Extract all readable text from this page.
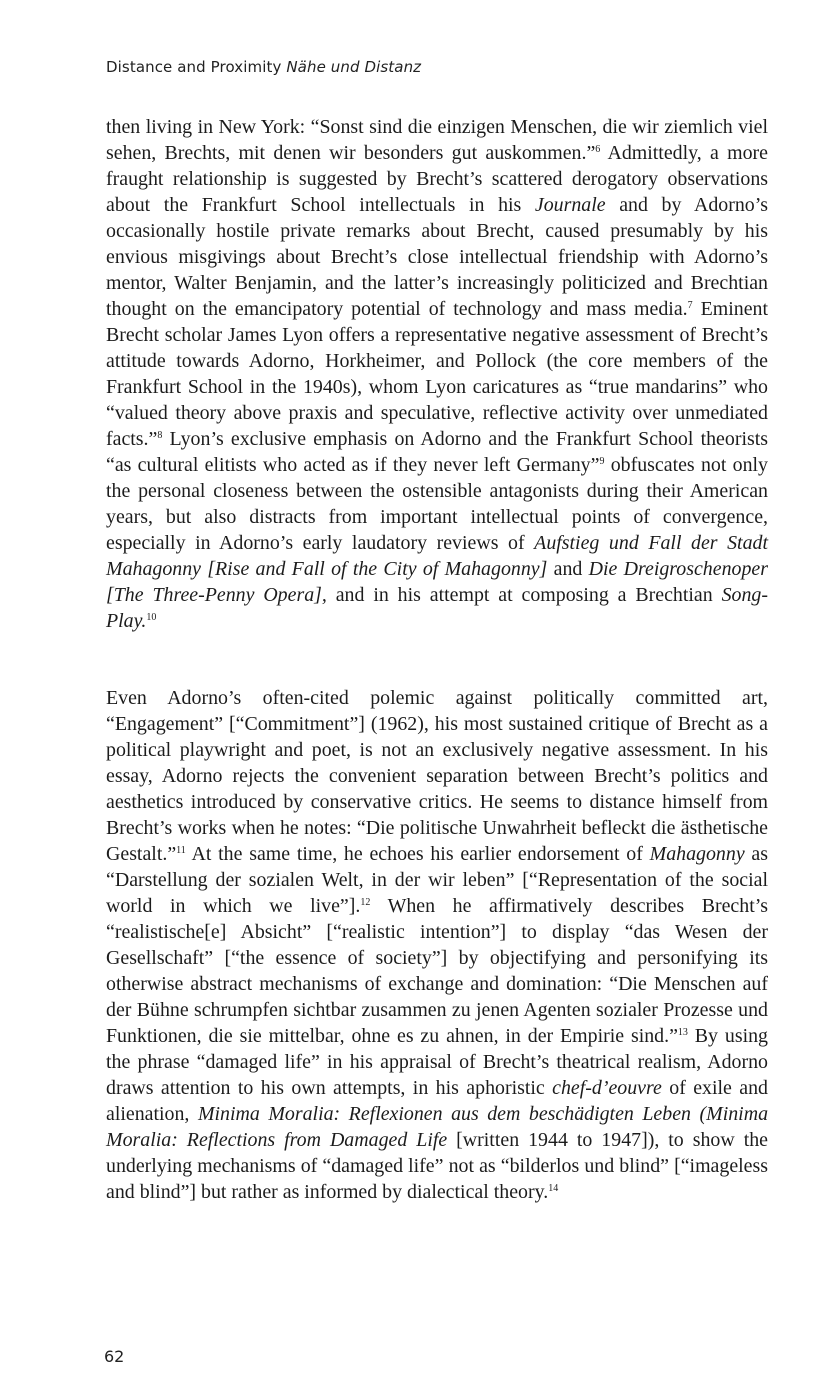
Distance and Proximity Nähe und Distanz

then living in New York: “Sonst sind die einzigen Menschen, die wir ziemlich viel sehen, Brechts, mit denen wir besonders gut auskommen.”$^6$ Admittedly, a more fraught relationship is suggested by Brecht’s scattered derogatory observations about the Frankfurt School intellectuals in his Journale and by Adorno’s occasionally hostile private remarks about Brecht, caused presumably by his envious misgivings about Brecht’s close intellectual friendship with Adorno’s mentor, Walter Benjamin, and the latter’s increasingly politicized and Brechtian thought on the emancipatory potential of technology and mass media.$^7$ Eminent Brecht scholar James Lyon offers a representative negative assessment of Brecht’s attitude towards Adorno, Horkheimer, and Pollock (the core members of the Frankfurt School in the 1940s), whom Lyon caricatures as “true mandarins” who “valued theory above praxis and speculative, reflective activity over unmediated facts.”$^8$ Lyon’s exclusive emphasis on Adorno and the Frankfurt School theorists “as cultural elitists who acted as if they never left Germany”$^9$ obfuscates not only the personal closeness between the ostensible antagonists during their American years, but also distracts from important intellectual points of convergence, especially in Adorno’s early laudatory reviews of Aufstieg und Fall der Stadt Mahagonny [Rise and Fall of the City of Mahagonny] and Die Dreigroschenoper [The Three-Penny Opera], and in his attempt at composing a Brechtian Song-Play.$^{10}$

Even Adorno’s often-cited polemic against politically committed art, “Engagement” [“Commitment”] (1962), his most sustained critique of Brecht as a political playwright and poet, is not an exclusively negative assessment. In his essay, Adorno rejects the convenient separation between Brecht’s politics and aesthetics introduced by conservative critics. He seems to distance himself from Brecht’s works when he notes: “Die politische Unwahrheit befleckt die ästhetische Gestalt.”$^{11}$ At the same time, he echoes his earlier endorsement of Mahagonny as “Darstellung der sozialen Welt, in der wir leben” [“Representation of the social world in which we live”].$^{12}$ When he affirmatively describes Brecht’s “realistische[e] Absicht” [“realistic intention”] to display “das Wesen der Gesellschaft” [“the essence of society”] by objectifying and personifying its otherwise abstract mechanisms of exchange and domination: “Die Menschen auf der Bühne schrumpfen sichtbar zusammen zu jenen Agenten sozialer Prozesse und Funktionen, die sie mittelbar, ohne es zu ahnen, in der Empirie sind.”$^{13}$ By using the phrase “damaged life” in his appraisal of Brecht’s theatrical realism, Adorno draws attention to his own attempts, in his aphoristic chef-d’eouvre of exile and alienation, Minima Moralia: Reflexionen aus dem beschädigten Leben (Minima Moralia: Reflections from Damaged Life [written 1944 to 1947]), to show the underlying mechanisms of “damaged life” not as “bilderlos und blind” [“imageless and blind”] but rather as informed by dialectical theory.$^{14}$

62
